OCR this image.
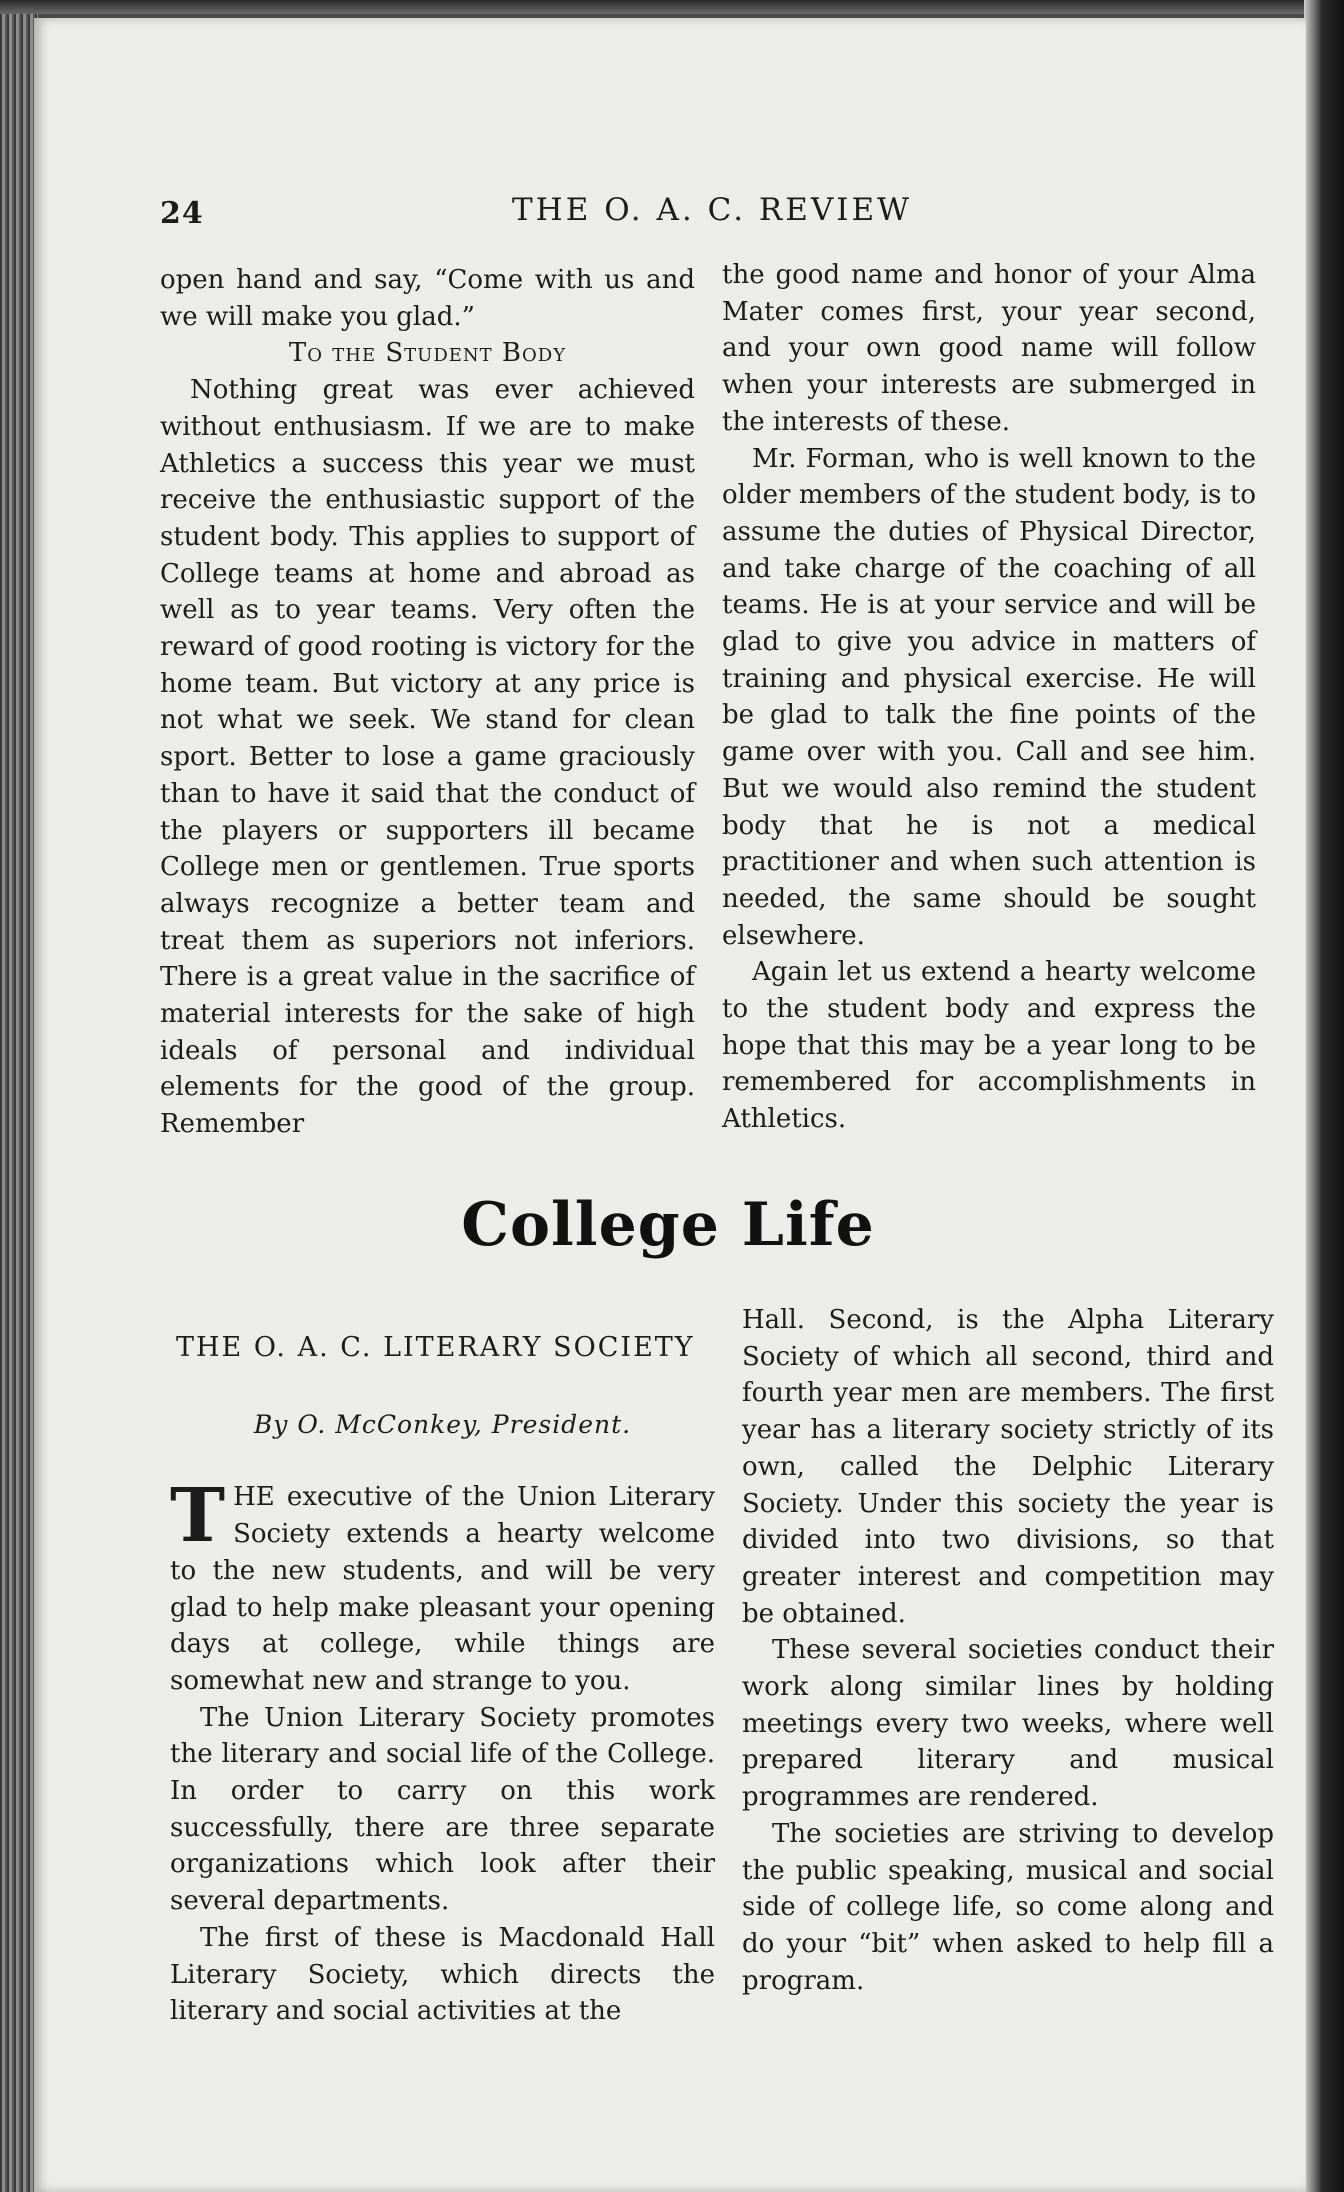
24	THE O. A. C. REVIEW

open hand and say, “Come with us and we will make you glad.”

To the Student Body

Nothing great was ever achieved without enthusiasm. If we are to make Athletics a success this year we must receive the enthusiastic support of the student body. This applies to support of College teams at home and abroad as well as to year teams. Very often the reward of good rooting is victory for the home team. But victory at any price is not what we seek. We stand for clean sport. Better to lose a game graciously than to have it said that the conduct of the players or supporters ill became College men or gentlemen. True sports always recognize a better team and treat them as superiors not inferiors. There is a great value in the sacrifice of material interests for the sake of high ideals of personal and individual elements for the good of the group. Remember

the good name and honor of your Alma Mater comes first, your year second, and your own good name will follow when your interests are submerged in the interests of these.

Mr. Forman, who is well known to the older members of the student body, is to assume the duties of Physical Director, and take charge of the coaching of all teams. He is at your service and will be glad to give you advice in matters of training and physical exercise. He will be glad to talk the fine points of the game over with you. Call and see him. But we would also remind the student body that he is not a medical practitioner and when such attention is needed, the same should be sought elsewhere.

Again let us extend a hearty welcome to the student body and express the hope that this may be a year long to be remembered for accomplishments in Athletics.

College Life

THE O. A. C. LITERARY SOCIETY

By O. McConkey, President.

THE executive of the Union Literary Society extends a hearty welcome to the new students, and will be very glad to help make pleasant your opening days at college, while things are somewhat new and strange to you.

The Union Literary Society promotes the literary and social life of the College. In order to carry on this work successfully, there are three separate organizations which look after their several departments.

The first of these is Macdonald Hall Literary Society, which directs the literary and social activities at the

Hall. Second, is the Alpha Literary Society of which all second, third and fourth year men are members. The first year has a literary society strictly of its own, called the Delphic Literary Society. Under this society the year is divided into two divisions, so that greater interest and competition may be obtained.

These several societies conduct their work along similar lines by holding meetings every two weeks, where well prepared literary and musical programmes are rendered.

The societies are striving to develop the public speaking, musical and social side of college life, so come along and do your “bit” when asked to help fill a program.
